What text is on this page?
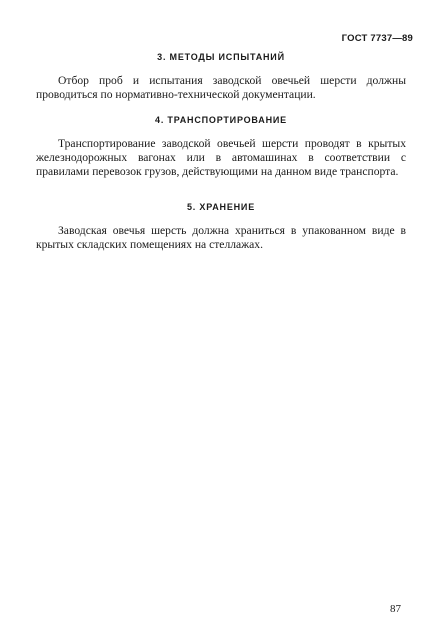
ГОСТ 7737—89
3. МЕТОДЫ ИСПЫТАНИЙ

Отбор проб и испытания заводской овечьей шерсти должны проводиться по нормативно-технической документации.

4. ТРАНСПОРТИРОВАНИЕ

Транспортирование заводской овечьей шерсти проводят в крытых железнодорожных вагонах или в автомашинах в соответствии с правилами перевозок грузов, действующими на данном виде транспорта.

5. ХРАНЕНИЕ

Заводская овечья шерсть должна храниться в упакованном виде в крытых складских помещениях на стеллажах.

87
